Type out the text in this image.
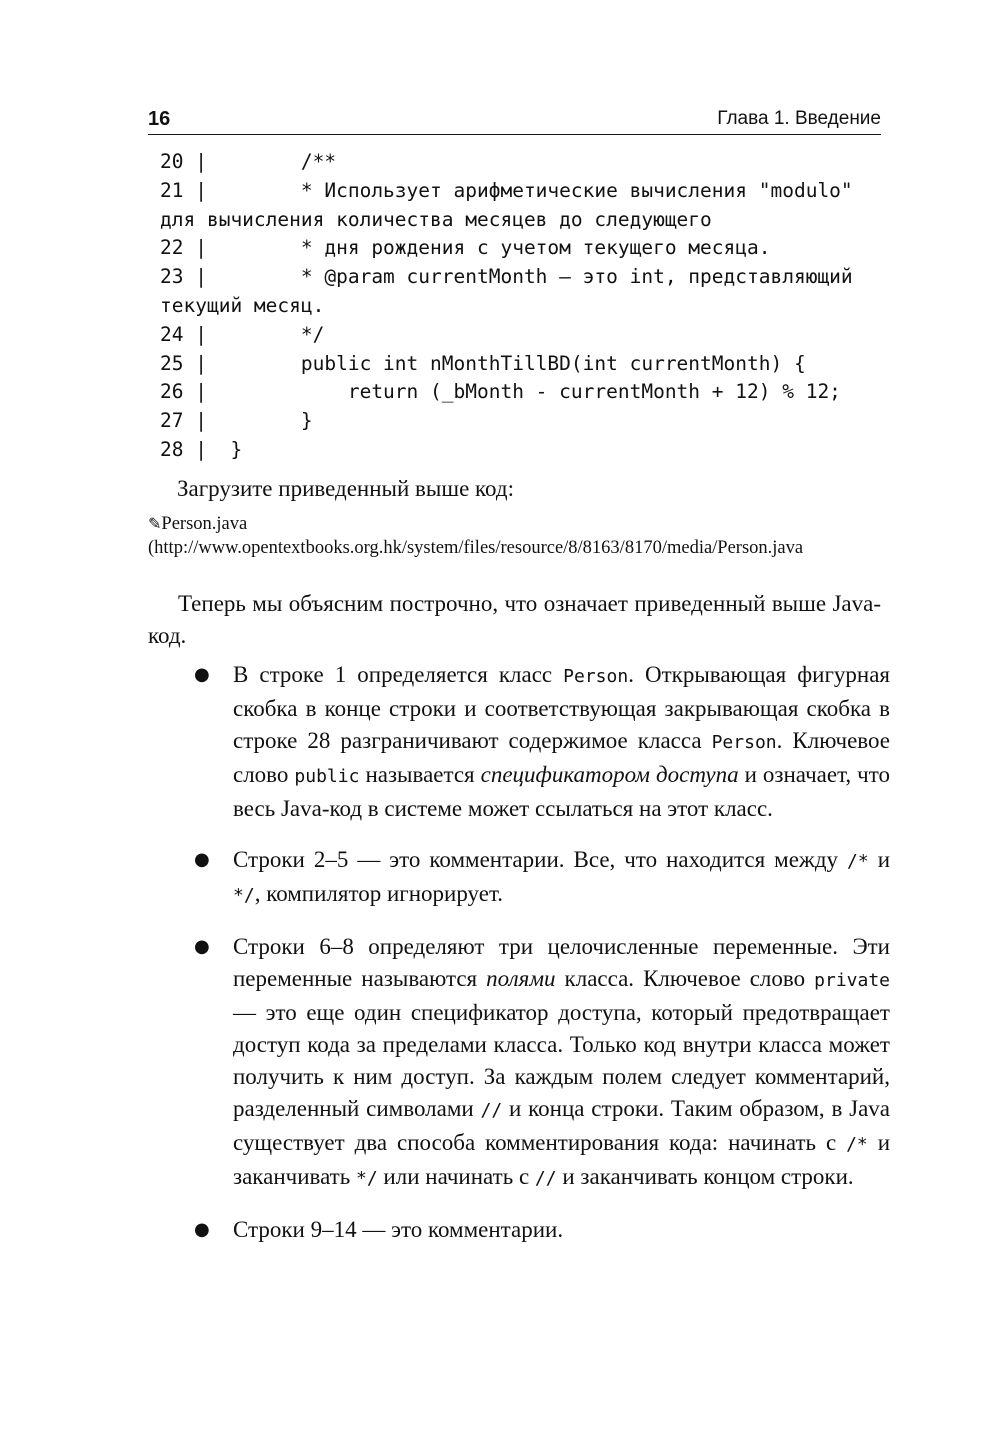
16	Глава 1. Введение
20 |        /**
21 |        * Использует арифметические вычисления "modulo"
для вычисления количества месяцев до следующего
22 |        * дня рождения с учетом текущего месяца.
23 |        * @param currentMonth – это int, представляющий
текущий месяц.
24 |        */
25 |        public int nMonthTillBD(int currentMonth) {
26 |            return (_bMonth - currentMonth + 12) % 12;
27 |        }
28 |  }

Загрузите приведенный выше код:

✎Person.java (http://www.opentextbooks.org.hk/system/files/resource/8/8163/8170/media/Person.java

Теперь мы объясним построчно, что означает приведенный выше Java-код.

● В строке 1 определяется класс Person. Открывающая фигурная скобка в конце строки и соответствующая закрывающая скобка в строке 28 разграничивают содержимое класса Person. Ключевое слово public называется спецификатором доступа и означает, что весь Java-код в системе может ссылаться на этот класс.
● Строки 2–5 — это комментарии. Все, что находится между /* и */, компилятор игнорирует.
● Строки 6–8 определяют три целочисленные переменные. Эти переменные называются полями класса. Ключевое слово private — это еще один спецификатор доступа, который предотвращает доступ кода за пределами класса. Только код внутри класса может получить к ним доступ. За каждым полем следует комментарий, разделенный символами // и конца строки. Таким образом, в Java существует два способа комментирования кода: начинать с /* и заканчивать */ или начинать с // и заканчивать концом строки.
● Строки 9–14 — это комментарии.
